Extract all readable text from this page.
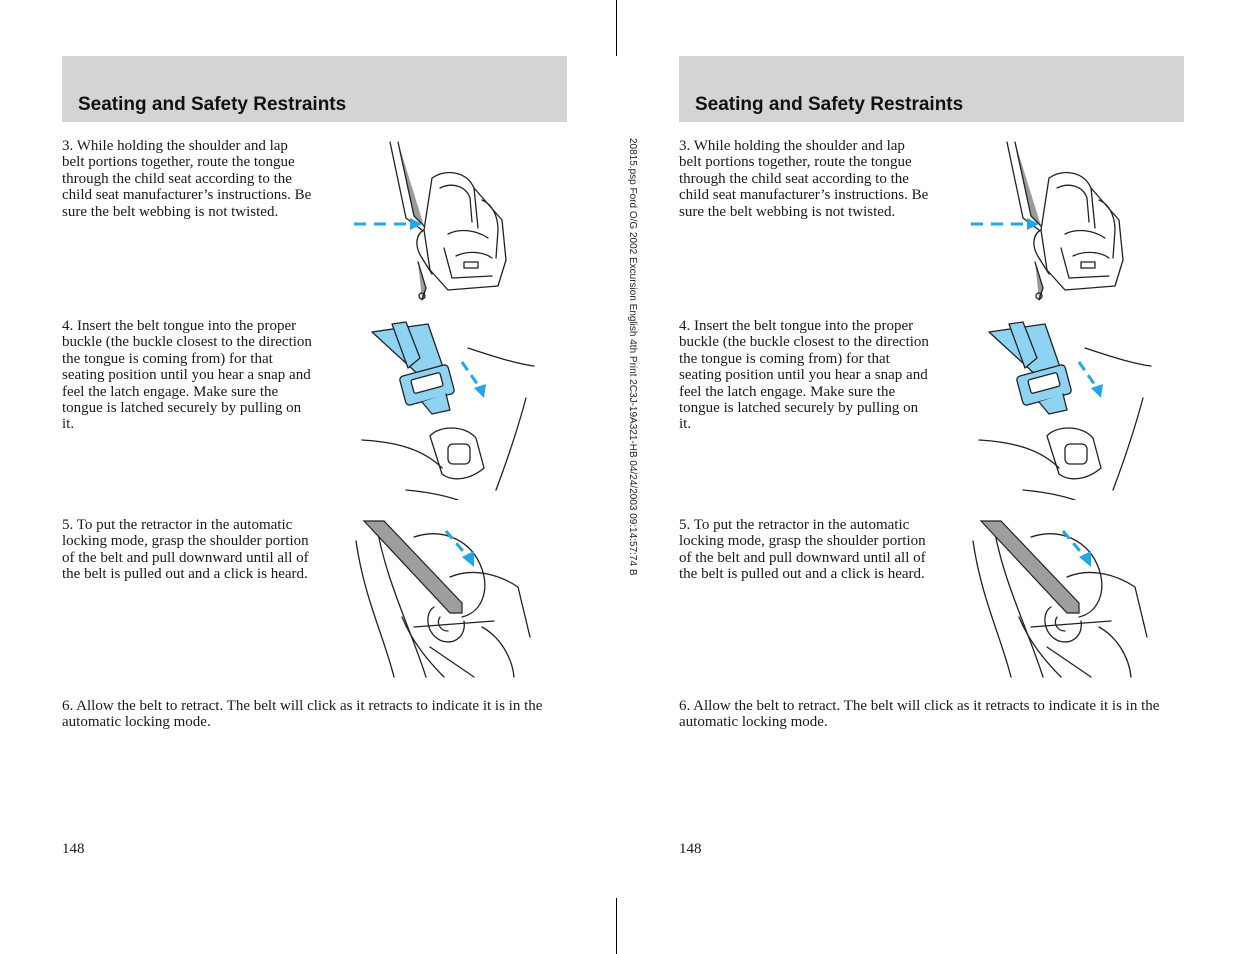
20815.psp Ford O/G 2002 Excursion English 4th Print 2C3J-19A321-HB 04/24/2003 09:14:57:74 B
Seating and Safety Restraints
3. While holding the shoulder and lap belt portions together, route the tongue through the child seat according to the child seat manufacturer’s instructions. Be sure the belt webbing is not twisted.
4. Insert the belt tongue into the proper buckle (the buckle closest to the direction the tongue is coming from) for that seating position until you hear a snap and feel the latch engage. Make sure the tongue is latched securely by pulling on it.
5. To put the retractor in the automatic locking mode, grasp the shoulder portion of the belt and pull downward until all of the belt is pulled out and a click is heard.
6. Allow the belt to retract. The belt will click as it retracts to indicate it is in the automatic locking mode.
148
Seating and Safety Restraints
3. While holding the shoulder and lap belt portions together, route the tongue through the child seat according to the child seat manufacturer’s instructions. Be sure the belt webbing is not twisted.
4. Insert the belt tongue into the proper buckle (the buckle closest to the direction the tongue is coming from) for that seating position until you hear a snap and feel the latch engage. Make sure the tongue is latched securely by pulling on it.
5. To put the retractor in the automatic locking mode, grasp the shoulder portion of the belt and pull downward until all of the belt is pulled out and a click is heard.
6. Allow the belt to retract. The belt will click as it retracts to indicate it is in the automatic locking mode.
148
